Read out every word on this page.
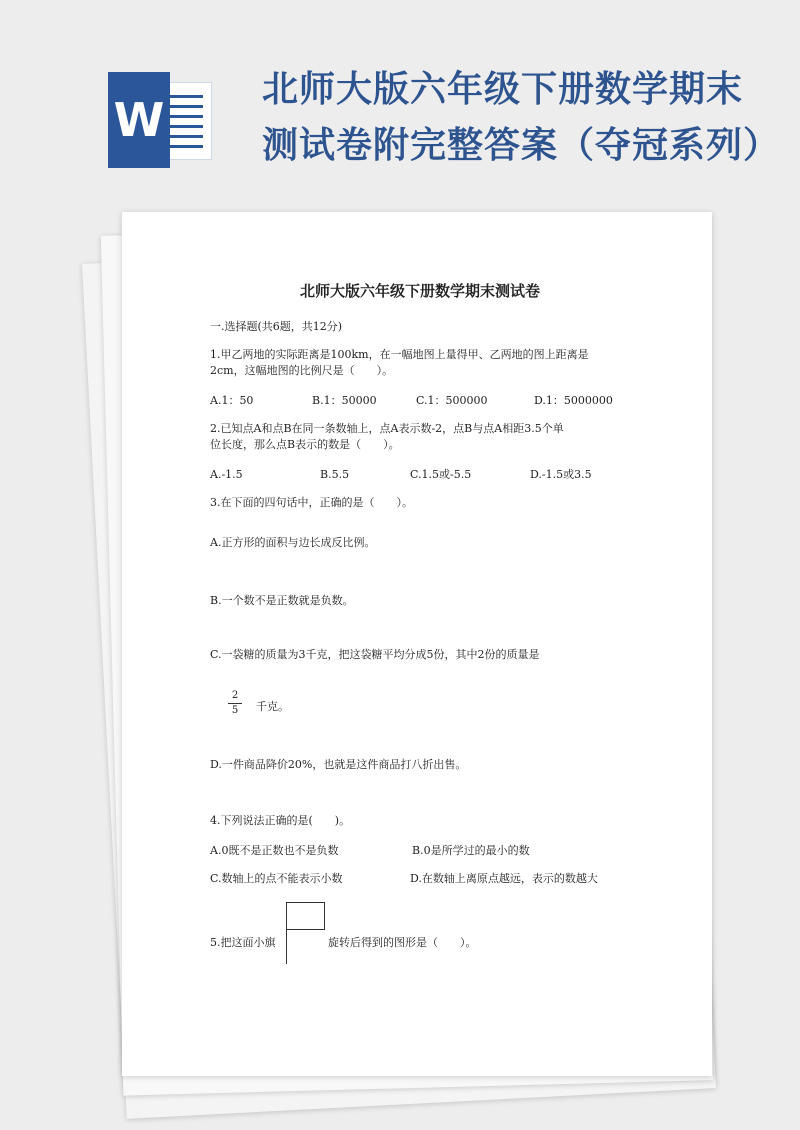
W
北师大版六年级下册数学期末
测试卷附完整答案（夺冠系列）
北师大版六年级下册数学期末测试卷
一.选择题(共6题，共12分)
1.甲乙两地的实际距离是100km，在一幅地图上量得甲、乙两地的图上距离是
2cm，这幅地图的比例尺是（　　）。
A.1：50	B.1：50000	C.1：500000	D.1：5000000
2.已知点A和点B在同一条数轴上，点A表示数-2，点B与点A相距3.5个单
位长度，那么点B表示的数是（　　）。
A.-1.5	B.5.5	C.1.5或-5.5	D.-1.5或3.5
3.在下面的四句话中，正确的是（　　）。
A.正方形的面积与边长成反比例。
B.一个数不是正数就是负数。
C.一袋糖的质量为3千克，把这袋糖平均分成5份，其中2份的质量是
2
5	千克。
D.一件商品降价20%，也就是这件商品打八折出售。
4.下列说法正确的是(　　)。
A.0既不是正数也不是负数	B.0是所学过的最小的数
C.数轴上的点不能表示小数	D.在数轴上离原点越远，表示的数越大
5.把这面小旗	旋转后得到的图形是（　　）。
